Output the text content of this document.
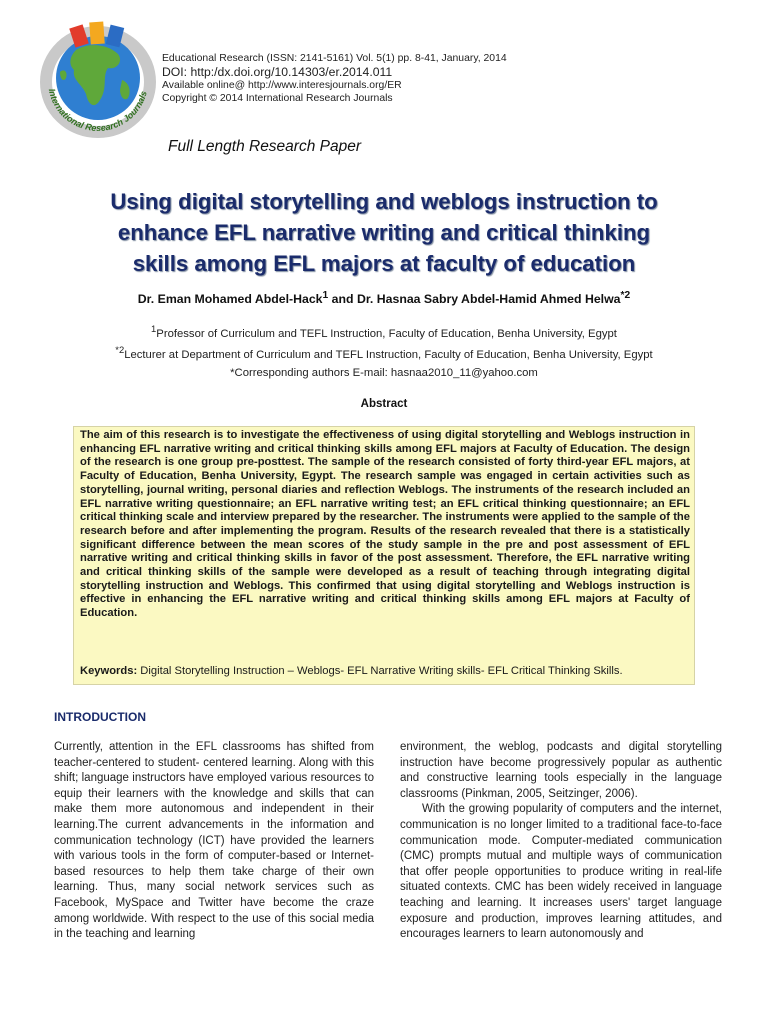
International Research Journals
Educational Research (ISSN: 2141-5161) Vol. 5(1) pp. 8-41, January, 2014
DOI: http:/dx.doi.org/10.14303/er.2014.011
Available online@ http://www.interesjournals.org/ER
Copyright © 2014 International Research Journals
Full Length Research Paper
Using digital storytelling and weblogs instruction to
enhance EFL narrative writing and critical thinking
skills among EFL majors at faculty of education
Dr. Eman Mohamed Abdel-Hack$^1$ and Dr. Hasnaa Sabry Abdel-Hamid Ahmed Helwa$^{*2}$
$^1$Professor of Curriculum and TEFL Instruction, Faculty of Education, Benha University, Egypt
$^{*2}$Lecturer at Department of Curriculum and TEFL Instruction, Faculty of Education, Benha University, Egypt
*Corresponding authors E-mail: hasnaa2010_11@yahoo.com
Abstract
The aim of this research is to investigate the effectiveness of using digital storytelling and Weblogs instruction in enhancing EFL narrative writing and critical thinking skills among EFL majors at Faculty of Education. The design of the research is one group pre-posttest. The sample of the research consisted of forty third-year EFL majors, at Faculty of Education, Benha University, Egypt. The research sample was engaged in certain activities such as storytelling, journal writing, personal diaries and reflection Weblogs. The instruments of the research included an EFL narrative writing questionnaire; an EFL narrative writing test; an EFL critical thinking questionnaire; an EFL critical thinking scale and interview prepared by the researcher. The instruments were applied to the sample of the research before and after implementing the program. Results of the research revealed that there is a statistically significant difference between the mean scores of the study sample in the pre and post assessment of EFL narrative writing and critical thinking skills in favor of the post assessment. Therefore, the EFL narrative writing and critical thinking skills of the sample were developed as a result of teaching through integrating digital storytelling instruction and Weblogs. This confirmed that using digital storytelling and Weblogs instruction is effective in enhancing the EFL narrative writing and critical thinking skills among EFL majors at Faculty of Education.
Keywords: Digital Storytelling Instruction – Weblogs- EFL Narrative Writing skills- EFL Critical Thinking Skills.
INTRODUCTION

Currently, attention in the EFL classrooms has shifted from teacher-centered to student- centered learning. Along with this shift; language instructors have employed various resources to equip their learners with the knowledge and skills that can make them more autonomous and independent in their learning.The current advancements in the information and communication technology (ICT) have provided the learners with various tools in the form of computer-based or Internet-based resources to help them take charge of their own learning. Thus, many social network services such as Facebook, MySpace and Twitter have become the craze among worldwide. With respect to the use of this social media in the teaching and learning

environment, the weblog, podcasts and digital storytelling instruction have become progressively popular as authentic and constructive learning tools especially in the language classrooms (Pinkman, 2005, Seitzinger, 2006).

With the growing popularity of computers and the internet, communication is no longer limited to a traditional face-to-face communication mode. Computer-mediated communication (CMC) prompts mutual and multiple ways of communication that offer people opportunities to produce writing in real-life situated contexts. CMC has been widely received in language teaching and learning. It increases users' target language exposure and production, improves learning attitudes, and encourages learners to learn autonomously and
